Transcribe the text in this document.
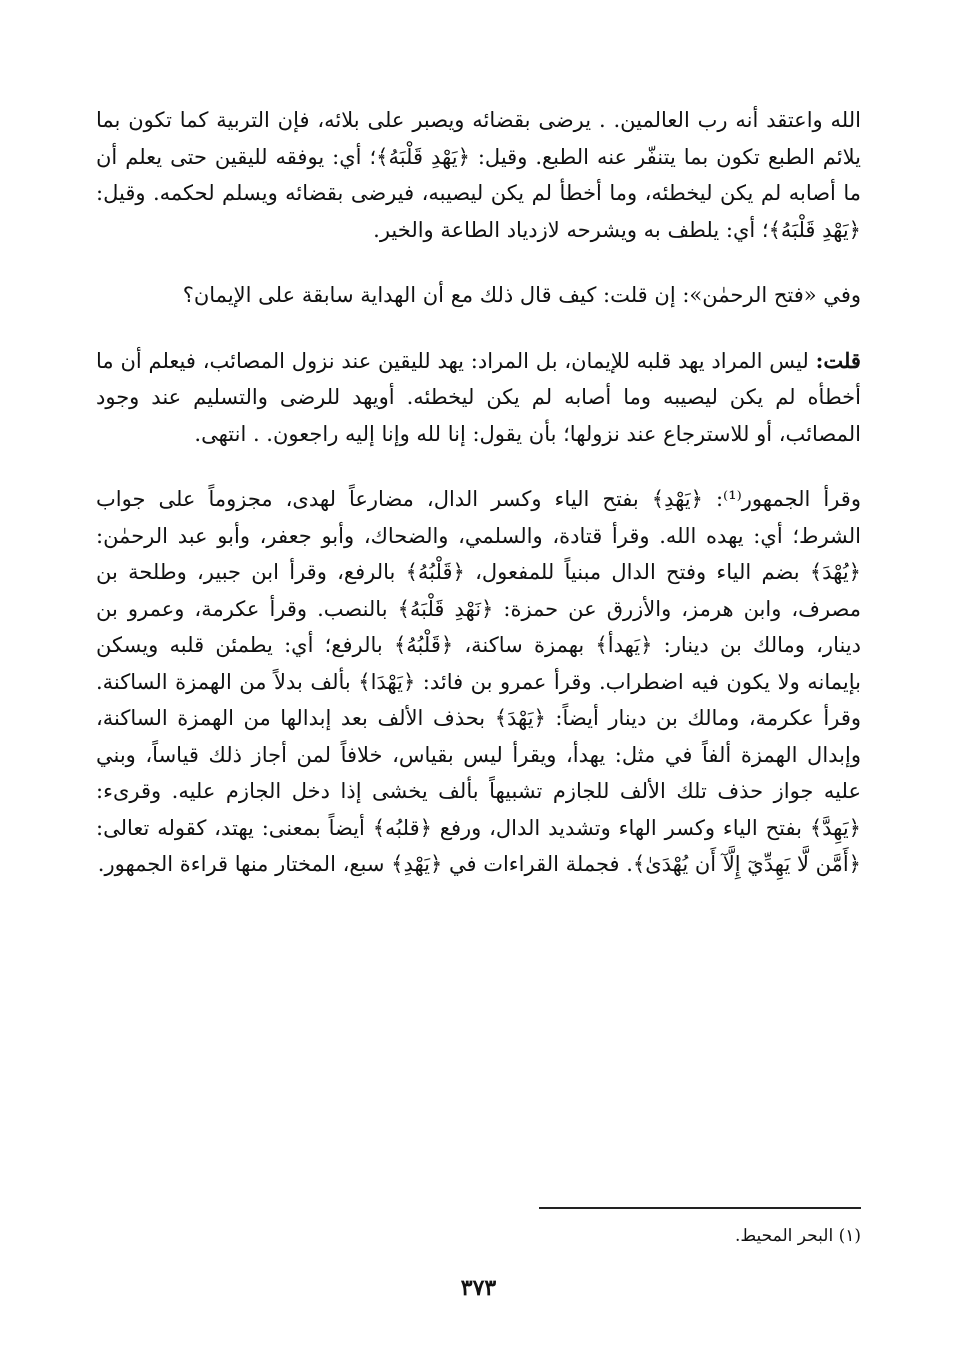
الله واعتقد أنه رب العالمين. . يرضى بقضائه ويصبر على بلائه، فإن التربية كما تكون بما يلائم الطبع تكون بما يتنفّر عنه الطبع. وقيل: ﴿يَهْدِ قَلْبَهُ﴾؛ أي: يوفقه لليقين حتى يعلم أن ما أصابه لم يكن ليخطئه، وما أخطأ لم يكن ليصيبه، فيرضى بقضائه ويسلم لحكمه. وقيل: ﴿يَهْدِ قَلْبَهُ﴾؛ أي: يلطف به ويشرحه لازدياد الطاعة والخير.

وفي «فتح الرحمٰن»: إن قلت: كيف قال ذلك مع أن الهداية سابقة على الإيمان؟

قلت: ليس المراد يهد قلبه للإيمان، بل المراد: يهد لليقين عند نزول المصائب، فيعلم أن ما أخطأه لم يكن ليصيبه وما أصابه لم يكن ليخطئه. أويهد للرضى والتسليم عند وجود المصائب، أو للاسترجاع عند نزولها؛ بأن يقول: إنا لله وإنا إليه راجعون. . انتهى.

وقرأ الجمهور⁽¹⁾: ﴿يَهْدِ﴾ بفتح الياء وكسر الدال، مضارعاً لهدى، مجزوماً على جواب الشرط؛ أي: يهده الله. وقرأ قتادة، والسلمي، والضحاك، وأبو جعفر، وأبو عبد الرحمٰن: ﴿يُهْدَ﴾ بضم الياء وفتح الدال مبنياً للمفعول، ﴿قَلْبُهُ﴾ بالرفع، وقرأ ابن جبير، وطلحة بن مصرف، وابن هرمز، والأزرق عن حمزة: ﴿نَهْدِ قَلْبَهُ﴾ بالنصب. وقرأ عكرمة، وعمرو بن دينار، ومالك بن دينار: ﴿يَهدأ﴾ بهمزة ساكنة، ﴿قَلْبُهُ﴾ بالرفع؛ أي: يطمئن قلبه ويسكن بإيمانه ولا يكون فيه اضطراب. وقرأ عمرو بن فائد: ﴿يَهْدَا﴾ بألف بدلاً من الهمزة الساكنة. وقرأ عكرمة، ومالك بن دينار أيضاً: ﴿يَهْدَ﴾ بحذف الألف بعد إبدالها من الهمزة الساكنة، وإبدال الهمزة ألفاً في مثل: يهدأ، ويقرأ ليس بقياس، خلافاً لمن أجاز ذلك قياساً، وبني عليه جواز حذف تلك الألف للجازم تشبيهاً بألف يخشى إذا دخل الجازم عليه. وقرىء: ﴿يَهِدَّ﴾ بفتح الياء وكسر الهاء وتشديد الدال، ورفع ﴿قلبُه﴾ أيضاً بمعنى: يهتد، كقوله تعالى: ﴿أَمَّن لَّا يَهِدِّيٓ إِلَّآ أَن يُهْدَىٰ﴾. فجملة القراءات في ﴿يَهْدِ﴾ سبع، المختار منها قراءة الجمهور.

(١) البحر المحيط.

٣٧٣
